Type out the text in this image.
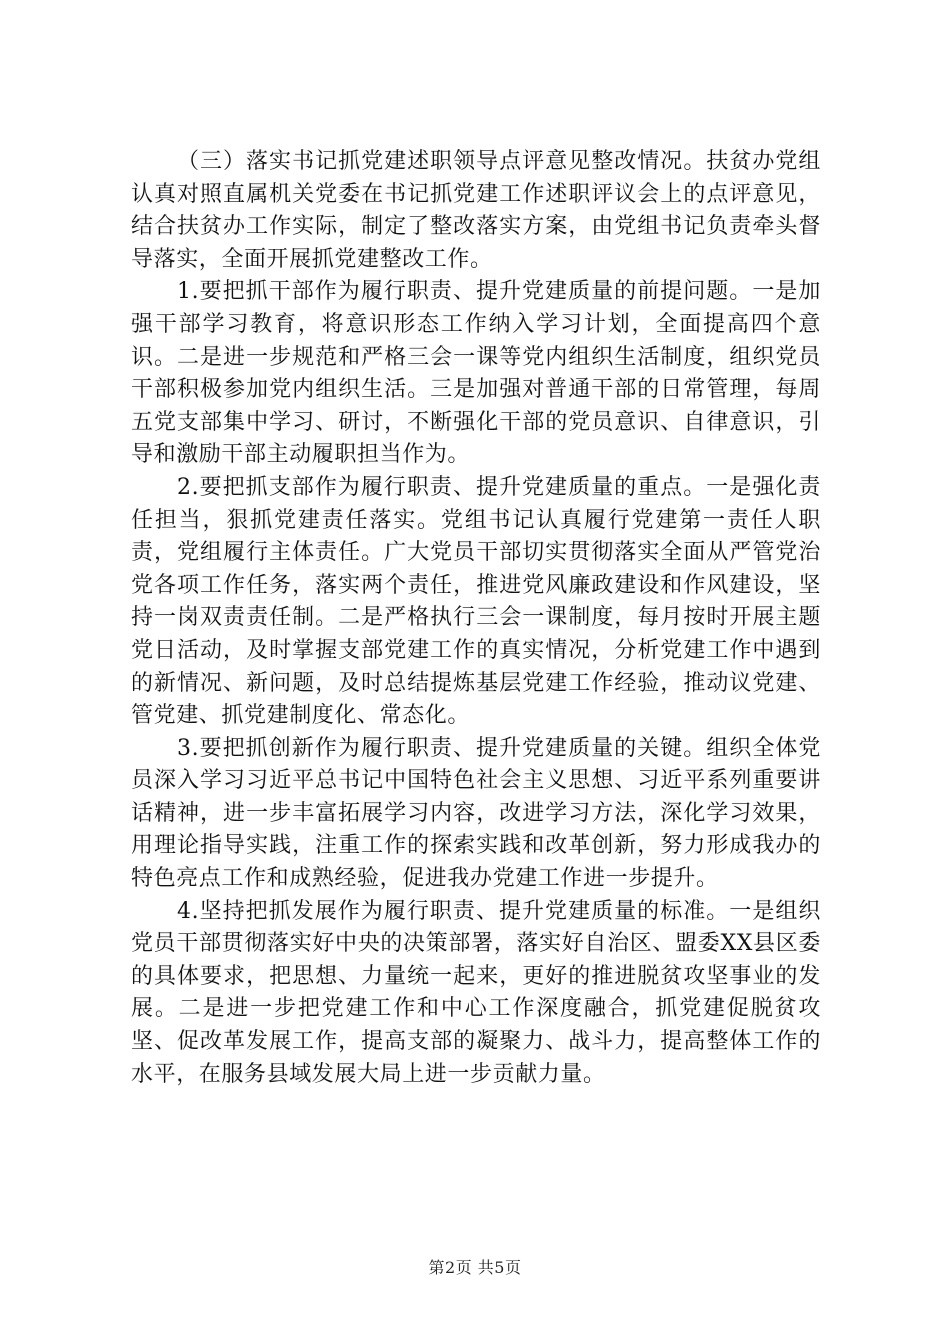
（三）落实书记抓党建述职领导点评意见整改情况。扶贫办党组认真对照直属机关党委在书记抓党建工作述职评议会上的点评意见，结合扶贫办工作实际，制定了整改落实方案，由党组书记负责牵头督导落实，全面开展抓党建整改工作。

1.要把抓干部作为履行职责、提升党建质量的前提问题。一是加强干部学习教育，将意识形态工作纳入学习计划，全面提高四个意识。二是进一步规范和严格三会一课等党内组织生活制度，组织党员干部积极参加党内组织生活。三是加强对普通干部的日常管理，每周五党支部集中学习、研讨，不断强化干部的党员意识、自律意识，引导和激励干部主动履职担当作为。

2.要把抓支部作为履行职责、提升党建质量的重点。一是强化责任担当，狠抓党建责任落实。党组书记认真履行党建第一责任人职责，党组履行主体责任。广大党员干部切实贯彻落实全面从严管党治党各项工作任务，落实两个责任，推进党风廉政建设和作风建设，坚持一岗双责责任制。二是严格执行三会一课制度，每月按时开展主题党日活动，及时掌握支部党建工作的真实情况，分析党建工作中遇到的新情况、新问题，及时总结提炼基层党建工作经验，推动议党建、管党建、抓党建制度化、常态化。

3.要把抓创新作为履行职责、提升党建质量的关键。组织全体党员深入学习习近平总书记中国特色社会主义思想、习近平系列重要讲话精神，进一步丰富拓展学习内容，改进学习方法，深化学习效果，用理论指导实践，注重工作的探索实践和改革创新，努力形成我办的特色亮点工作和成熟经验，促进我办党建工作进一步提升。

4.坚持把抓发展作为履行职责、提升党建质量的标准。一是组织党员干部贯彻落实好中央的决策部署，落实好自治区、盟委XX县区委的具体要求，把思想、力量统一起来，更好的推进脱贫攻坚事业的发展。二是进一步把党建工作和中心工作深度融合，抓党建促脱贫攻坚、促改革发展工作，提高支部的凝聚力、战斗力，提高整体工作的水平，在服务县域发展大局上进一步贡献力量。

第2页 共5页
